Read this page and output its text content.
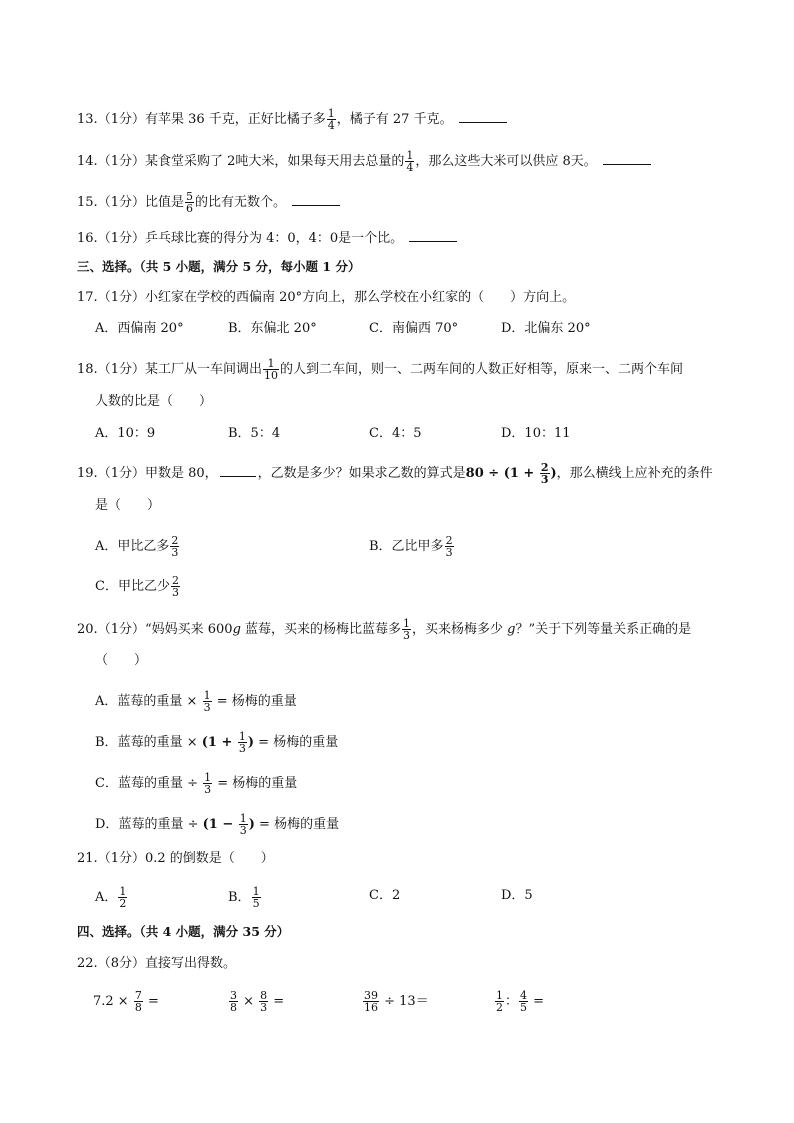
13.（1分）有苹果 36 千克，正好比橘子多 $\frac{1}{4}$ ，橘子有 27 千克。
14.（1分）某食堂采购了 2吨大米，如果每天用去总量的 $\frac{1}{4}$ ，那么这些大米可以供应 8天。
15.（1分）比值是 $\frac{5}{6}$ 的比有无数个。
16.（1分）乒乓球比赛的得分为 4：0，4：0是一个比。
三、选择。（共 5 小题，满分 5 分，每小题 1 分）
17.（1分）小红家在学校的西偏南 20°方向上，那么学校在小红家的（　　）方向上。
A．西偏南 20°	B．东偏北 20°	C．南偏西 70°	D．北偏东 20°
18.（1分）某工厂从一车间调出 $\frac{1}{10}$ 的人到二车间，则一、二两车间的人数正好相等，原来一、二两个车间
人数的比是（　　）
A．10：9	B．5：4	C．4：5	D．10：11
19.（1分）甲数是 80，	，乙数是多少？如果求乙数的算式是$80 \div (1 + \frac{2}{3}$ )，那么横线上应补充的条件
是（　　）
A．甲比乙多 $\frac{2}{3}$	B．乙比甲多 $\frac{2}{3}$
C．甲比乙少 $\frac{2}{3}$
20.（1分）“妈妈买来 600g 蓝莓，买来的杨梅比蓝莓多 $\frac{1}{3}$ ，买来杨梅多少 g？”关于下列等量关系正确的是
（　　）
A．蓝莓的重量 × $\frac{1}{3}$ = 杨梅的重量
B．蓝莓的重量 × ($1 + \frac{1}{3}$ ) = 杨梅的重量
C．蓝莓的重量 ÷ $\frac{1}{3}$ = 杨梅的重量
D．蓝莓的重量 ÷ ($1 - \frac{1}{3}$ ) = 杨梅的重量
21.（1分）0.2 的倒数是（　　）
A． $\frac{1}{2}$	B． $\frac{1}{5}$	C．2	D．5
四、选择。（共 4 小题，满分 35 分）
22.（8分）直接写出得数。
$7.2 \times \frac{7}{8}$ =	$\frac{3}{8} \times \frac{8}{3}$ =	$\frac{39}{16} \div 13=$	$\frac{1}{2}$ ： $\frac{4}{5}$ =
